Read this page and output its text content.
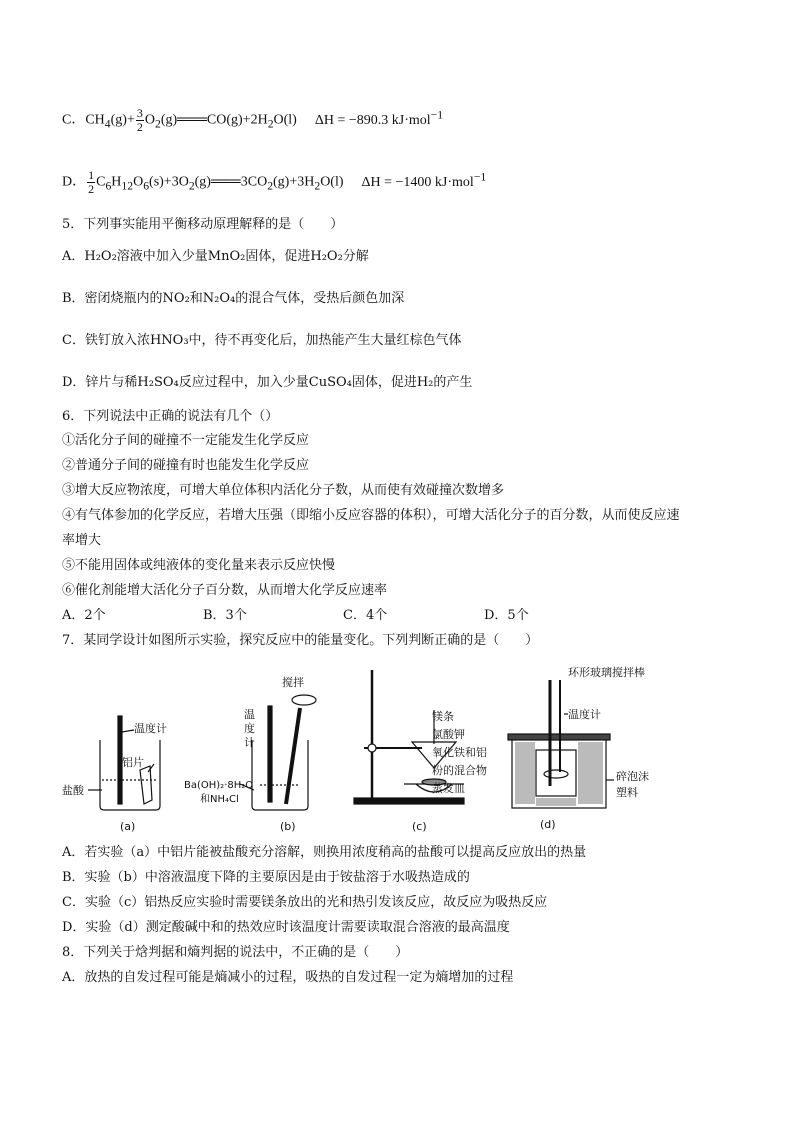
C．$CH_4(g)+ \frac{3}{2}$ $O_2(g)═══CO(g)+2H_2O(l) \Delta H = -890.3$ kJ·mol$^{-1}$
D． $\frac{1}{2}$ $C_6H_{12}O_6(s)+3O_2(g)═══3CO_2(g)+3H_2O(l) \Delta H = -1400$ kJ·mol$^{-1}$
5．下列事实能用平衡移动原理解释的是（　　）
A．H₂O₂溶液中加入少量MnO₂固体，促进H₂O₂分解
B．密闭烧瓶内的NO₂和N₂O₄的混合气体，受热后颜色加深
C．铁钉放入浓HNO₃中，待不再变化后，加热能产生大量红棕色气体
D．锌片与稀H₂SO₄反应过程中，加入少量CuSO₄固体，促进H₂的产生
6．下列说法中正确的说法有几个（）
①活化分子间的碰撞不一定能发生化学反应
②普通分子间的碰撞有时也能发生化学反应
③增大反应物浓度，可增大单位体积内活化分子数，从而使有效碰撞次数增多
④有气体参加的化学反应，若增大压强（即缩小反应容器的体积），可增大活化分子的百分数，从而使反应速
率增大
⑤不能用固体或纯液体的变化量来表示反应快慢
⑥催化剂能增大活化分子百分数，从而增大化学反应速率
A．2个	B．3个	C．4个	D．5个
7．某同学设计如图所示实验，探究反应中的能量变化。下列判断正确的是（　　）
温度计
铝片
盐酸
(a)
温
度
计
搅拌
Ba(OH)₂·8H₂O
和NH₄Cl
(b)
镁条
氯酸钾
氧化铁和铝
粉的混合物
蒸发皿
(c)
环形玻璃搅拌棒
温度计
碎泡沫
塑料
(d)
A．若实验（a）中铝片能被盐酸充分溶解，则换用浓度稍高的盐酸可以提高反应放出的热量
B．实验（b）中溶液温度下降的主要原因是由于铵盐溶于水吸热造成的
C．实验（c）铝热反应实验时需要镁条放出的光和热引发该反应，故反应为吸热反应
D．实验（d）测定酸碱中和的热效应时该温度计需要读取混合溶液的最高温度
8．下列关于焓判据和熵判据的说法中，不正确的是（　　）
A．放热的自发过程可能是熵减小的过程，吸热的自发过程一定为熵增加的过程
